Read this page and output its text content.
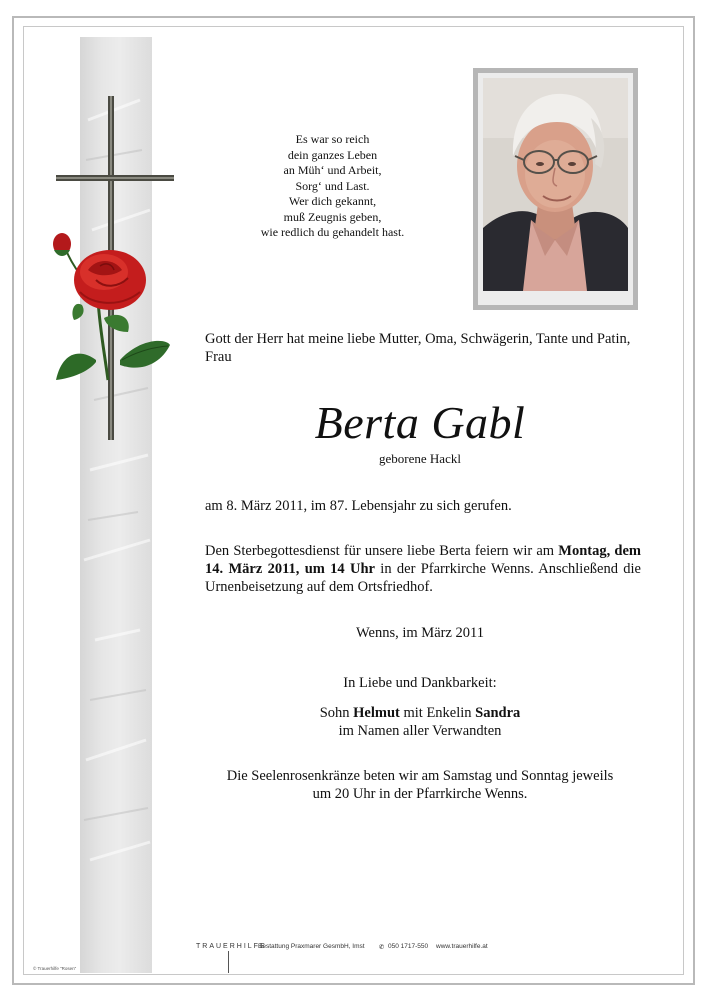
Es war so reich
dein ganzes Leben
an Müh‘ und Arbeit,
Sorg‘ und Last.
Wer dich gekannt,
muß Zeugnis geben,
wie redlich du gehandelt hast.
Gott der Herr hat meine liebe Mutter, Oma, Schwägerin, Tante und Patin, Frau
Berta Gabl
geborene Hackl
am 8. März 2011, im 87. Lebensjahr zu sich gerufen.
Den Sterbegottesdienst für unsere liebe Berta feiern wir am Montag, dem 14. März 2011, um 14 Uhr in der Pfarrkirche Wenns. Anschließend die Urnenbeisetzung auf dem Ortsfriedhof.
Wenns, im März 2011
In Liebe und Dankbarkeit:
Sohn Helmut mit Enkelin Sandra
im Namen aller Verwandten
Die Seelenrosenkränze beten wir am Samstag und Sonntag jeweils
um 20 Uhr in der Pfarrkirche Wenns.
TRAUERHILFE
Bestattung Praxmarer GesmbH, Imst ✆ 050 1717-550 www.trauerhilfe.at
© Trauerhilfe "Rosen"
